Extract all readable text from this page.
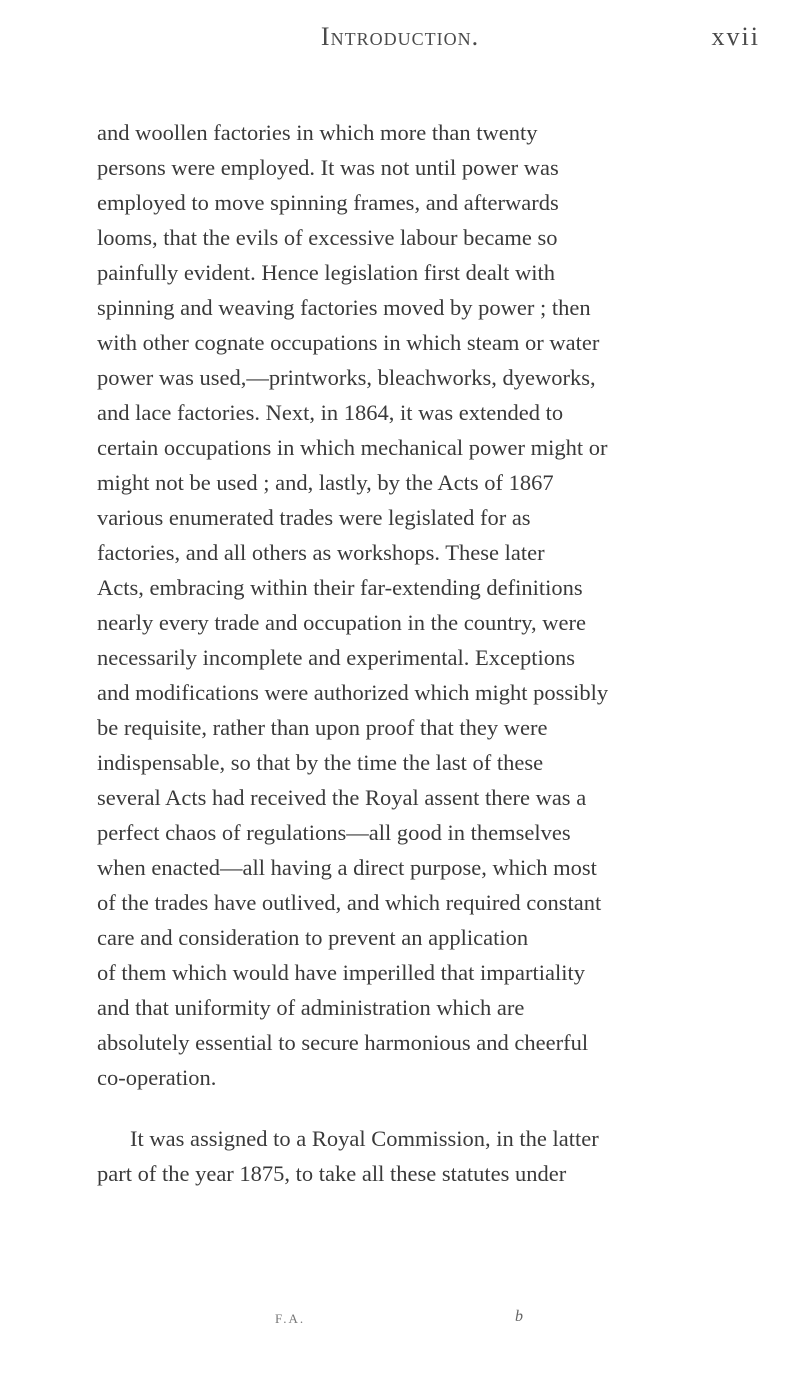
Introduction.	xvii
and woollen factories in which more than twenty
persons were employed. It was not until power was
employed to move spinning frames, and afterwards
looms, that the evils of excessive labour became so
painfully evident. Hence legislation first dealt with
spinning and weaving factories moved by power ; then
with other cognate occupations in which steam or water
power was used,—printworks, bleachworks, dyeworks,
and lace factories. Next, in 1864, it was extended to
certain occupations in which mechanical power might or
might not be used ; and, lastly, by the Acts of 1867
various enumerated trades were legislated for as
factories, and all others as workshops. These later
Acts, embracing within their far-extending definitions
nearly every trade and occupation in the country, were
necessarily incomplete and experimental. Exceptions
and modifications were authorized which might possibly
be requisite, rather than upon proof that they were
indispensable, so that by the time the last of these
several Acts had received the Royal assent there was a
perfect chaos of regulations—all good in themselves
when enacted—all having a direct purpose, which most
of the trades have outlived, and which required constant
care and consideration to prevent an application
of them which would have imperilled that impartiality
and that uniformity of administration which are
absolutely essential to secure harmonious and cheerful
co-operation.
It was assigned to a Royal Commission, in the latter
part of the year 1875, to take all these statutes under
F.A.	b
